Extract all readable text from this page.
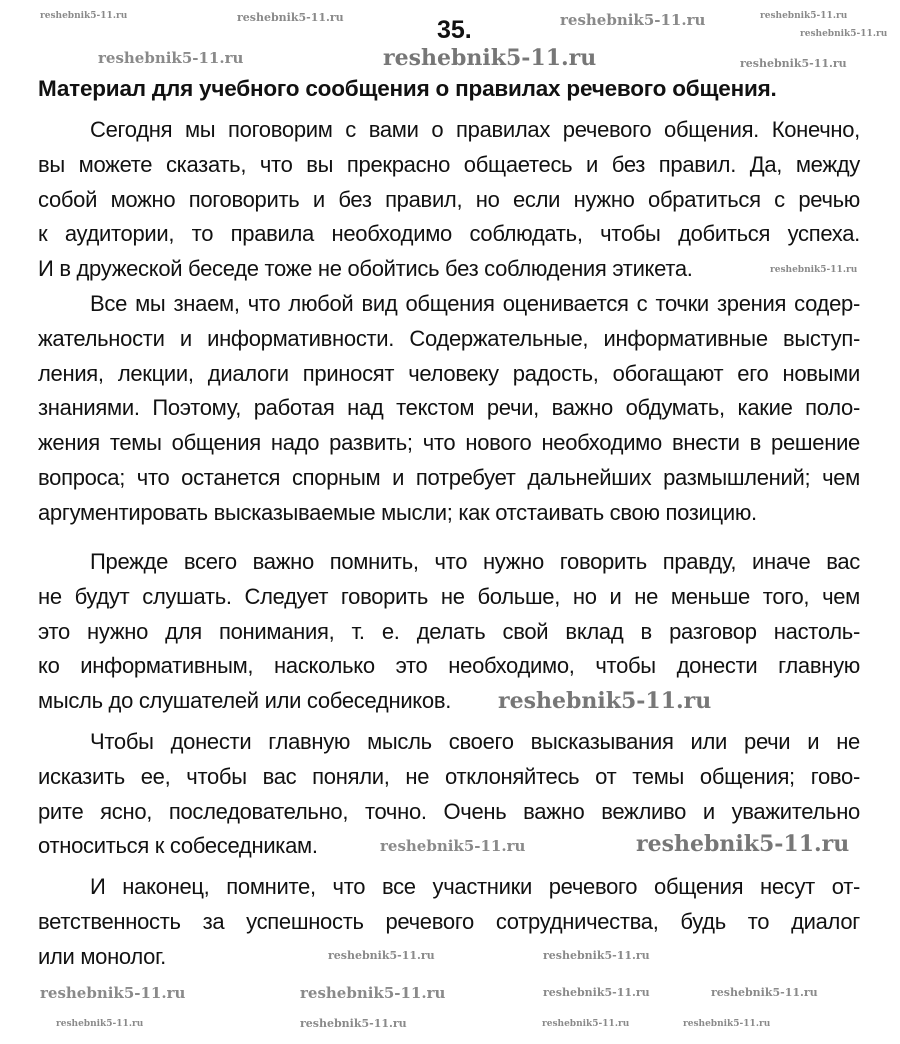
35.
Материал для учебного сообщения о правилах речевого общения.
Сегодня мы поговорим с вами о правилах речевого общения. Конечно,
вы можете сказать, что вы прекрасно общаетесь и без правил. Да, между
собой можно поговорить и без правил, но если нужно обратиться с речью
к аудитории, то правила необходимо соблюдать, чтобы добиться успеха.
И в дружеской беседе тоже не обойтись без соблюдения этикета.
Все мы знаем, что любой вид общения оценивается с точки зрения содер-
жательности и информативности. Содержательные, информативные выступ-
ления, лекции, диалоги приносят человеку радость, обогащают его новыми
знаниями. Поэтому, работая над текстом речи, важно обдумать, какие поло-
жения темы общения надо развить; что нового необходимо внести в решение
вопроса; что останется спорным и потребует дальнейших размышлений; чем
аргументировать высказываемые мысли; как отстаивать свою позицию.
Прежде всего важно помнить, что нужно говорить правду, иначе вас
не будут слушать. Следует говорить не больше, но и не меньше того, чем
это нужно для понимания, т. е. делать свой вклад в разговор настоль-
ко информативным, насколько это необходимо, чтобы донести главную
мысль до слушателей или собеседников.
Чтобы донести главную мысль своего высказывания или речи и не
исказить ее, чтобы вас поняли, не отклоняйтесь от темы общения; гово-
рите ясно, последовательно, точно. Очень важно вежливо и уважительно
относиться к собеседникам.
И наконец, помните, что все участники речевого общения несут от-
ветственность за успешность речевого сотрудничества, будь то диалог
или монолог.
reshebnik5-11.ru	reshebnik5-11.ru
reshebnik5-11.ru
reshebnik5-11.ru	reshebnik5-11.ru	reshebnik5-11.ru	reshebnik5-11.ru
reshebnik5-11.ru
reshebnik5-11.ru
reshebnik5-11.ru
reshebnik5-11.ru	reshebnik5-11.ru
reshebnik5-11.ru	reshebnik5-11.ru
reshebnik5-11.ru	reshebnik5-11.ru	reshebnik5-11.ru	reshebnik5-11.ru
reshebnik5-11.ru	reshebnik5-11.ru	reshebnik5-11.ru	reshebnik5-11.ru
